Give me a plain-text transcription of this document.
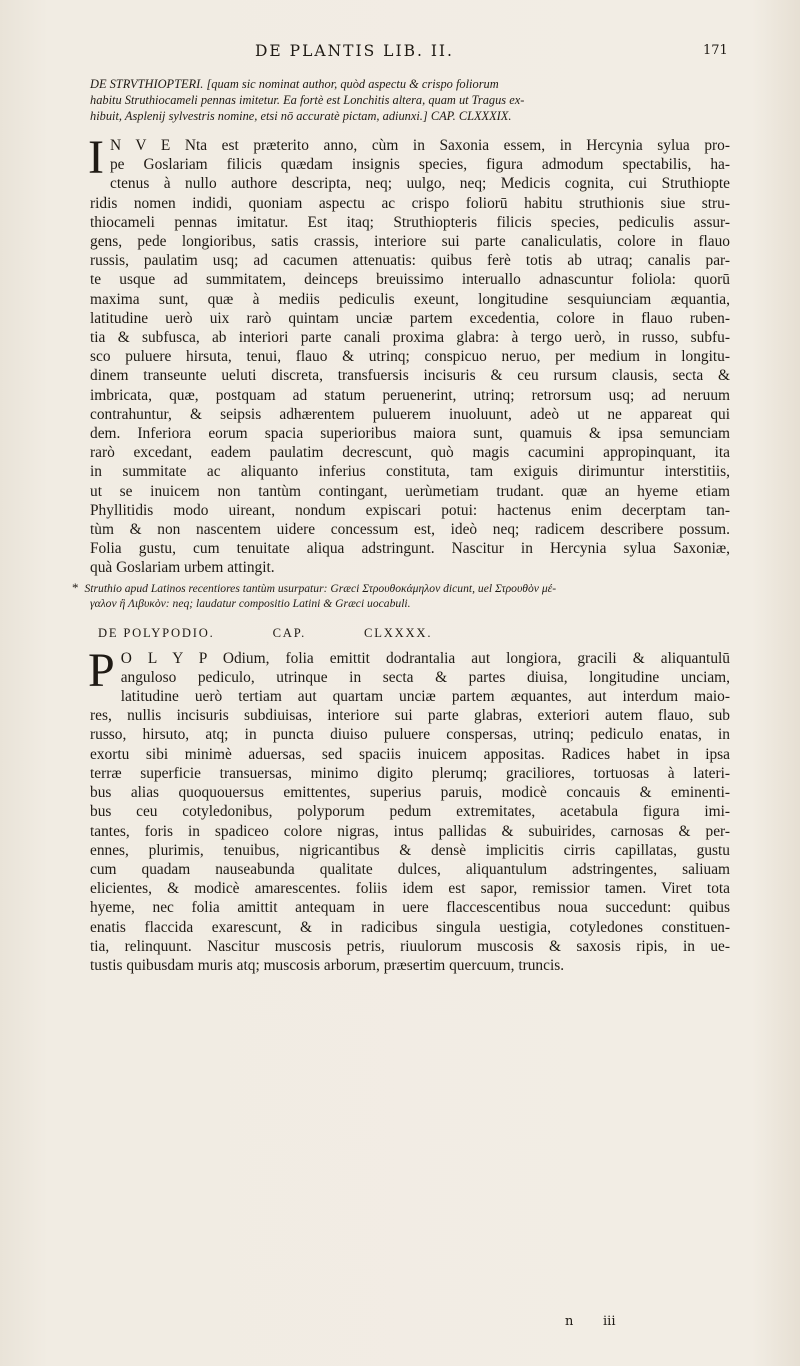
DE PLANTIS LIB. II.	171
DE STRVTHIOPTERI. [quam sic nominat author, quòd aspectu & crispo foliorum
habitu Struthiocameli pennas imitetur. Ea fortè est Lonchitis altera, quam ut Tragus ex-
hibuit, Asplenij sylvestris nomine, etsi nō accuratè pictam, adiunxi.] CAP. CLXXXIX.
I N V E Nta est præterito anno, cùm in Saxonia essem, in Hercynia sylua pro-
pe Goslariam filicis quædam insignis species, figura admodum spectabilis, ha-
ctenus à nullo authore descripta, neq; uulgo, neq; Medicis cognita, cui Struthiopte
ridis nomen indidi, quoniam aspectu ac crispo foliorū habitu struthionis siue stru-
thiocameli pennas imitatur. Est itaq; Struthiopteris filicis species, pediculis assur-
gens, pede longioribus, satis crassis, interiore sui parte canaliculatis, colore in flauo
russis, paulatim usq; ad cacumen attenuatis: quibus ferè totis ab utraq; canalis par-
te usque ad summitatem, deinceps breuissimo interuallo adnascuntur foliola: quorū
maxima sunt, quæ à mediis pediculis exeunt, longitudine sesquiunciam æquantia,
latitudine uerò uix rarò quintam unciæ partem excedentia, colore in flauo ruben-
tia & subfusca, ab interiori parte canali proxima glabra: à tergo uerò, in russo, subfu-
sco puluere hirsuta, tenui, flauo & utrinq; conspicuo neruo, per medium in longitu-
dinem transeunte ueluti discreta, transfuersis incisuris & ceu rursum clausis, secta &
imbricata, quæ, postquam ad statum peruenerint, utrinq; retrorsum usq; ad neruum
contrahuntur, & seipsis adhærentem puluerem inuoluunt, adeò ut ne appareat qui
dem. Inferiora eorum spacia superioribus maiora sunt, quamuis & ipsa semunciam
rarò excedant, eadem paulatim decrescunt, quò magis cacumini appropinquant, ita
in summitate ac aliquanto inferius constituta, tam exiguis dirimuntur interstitiis,
ut se inuicem non tantùm contingant, uerùmetiam trudant. quæ an hyeme etiam
Phyllitidis modo uireant, nondum expiscari potui: hactenus enim decerptam tan-
tùm & non nascentem uidere concessum est, ideò neq; radicem describere possum.
Folia gustu, cum tenuitate aliqua adstringunt. Nascitur in Hercynia sylua Saxoniæ,
quà Goslariam urbem attingit.
* Struthio apud Latinos recentiores tantùm usurpatur: Græci Στρουθοκάμηλον dicunt, uel Στρουθὸν μέ-
γαλον ἢ Λιβυκὸν: neq; laudatur compositio Latini & Græci uocabuli.
DE POLYPODIO.	CAP.	CLXXXX.
P O L Y P Odium, folia emittit dodrantalia aut longiora, gracili & aliquantulū
anguloso pediculo, utrinque in secta & partes diuisa, longitudine unciam,
latitudine uerò tertiam aut quartam unciæ partem æquantes, aut interdum maio-
res, nullis incisuris subdiuisas, interiore sui parte glabras, exteriori autem flauo, sub
russo, hirsuto, atq; in puncta diuiso puluere conspersas, utrinq; pediculo enatas, in
exortu sibi minimè aduersas, sed spaciis inuicem appositas. Radices habet in ipsa
terræ superficie transuersas, minimo digito plerumq; graciliores, tortuosas à lateri-
bus alias quoquouersus emittentes, superius paruis, modicè concauis & eminenti-
bus ceu cotyledonibus, polyporum pedum extremitates, acetabula figura imi-
tantes, foris in spadiceo colore nigras, intus pallidas & subuirides, carnosas & per-
ennes, plurimis, tenuibus, nigricantibus & densè implicitis cirris capillatas, gustu
cum quadam nauseabunda qualitate dulces, aliquantulum adstringentes, saliuam
elicientes, & modicè amarescentes. foliis idem est sapor, remissior tamen. Viret tota
hyeme, nec folia amittit antequam in uere flaccescentibus noua succedunt: quibus
enatis flaccida exarescunt, & in radicibus singula uestigia, cotyledones constituen-
tia, relinquunt. Nascitur muscosis petris, riuulorum muscosis & saxosis ripis, in ue-
tustis quibusdam muris atq; muscosis arborum, præsertim quercuum, truncis.
n iii
